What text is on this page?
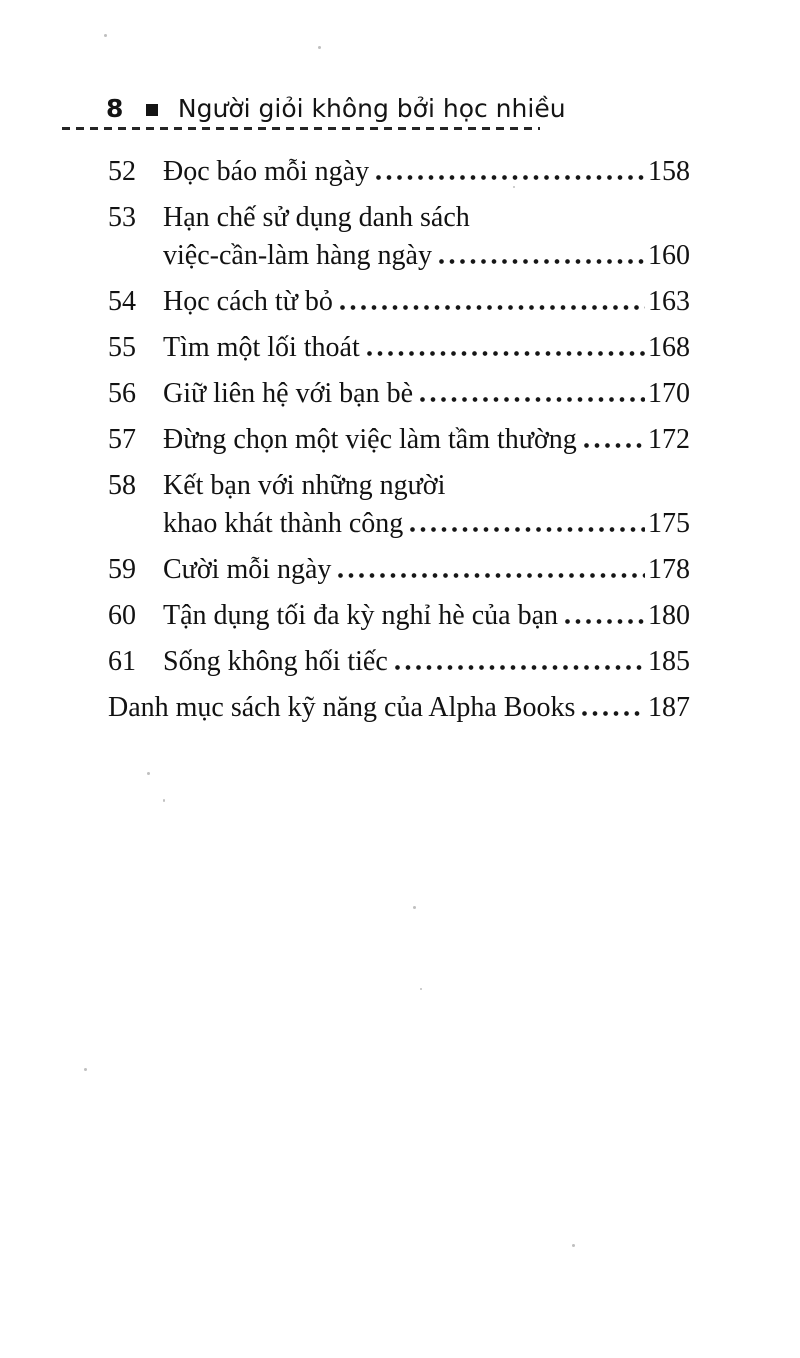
8 Người giỏi không bởi học nhiều
52 Đọc báo mỗi ngày	158
53 Hạn chế sử dụng danh sách
việc-cần-làm hàng ngày	160
54 Học cách từ bỏ	163
55 Tìm một lối thoát	168
56 Giữ liên hệ với bạn bè	170
57 Đừng chọn một việc làm tầm thường	172
58 Kết bạn với những người
khao khát thành công	175
59 Cười mỗi ngày	178
60 Tận dụng tối đa kỳ nghỉ hè của bạn	180
61 Sống không hối tiếc	185
Danh mục sách kỹ năng của Alpha Books	187
